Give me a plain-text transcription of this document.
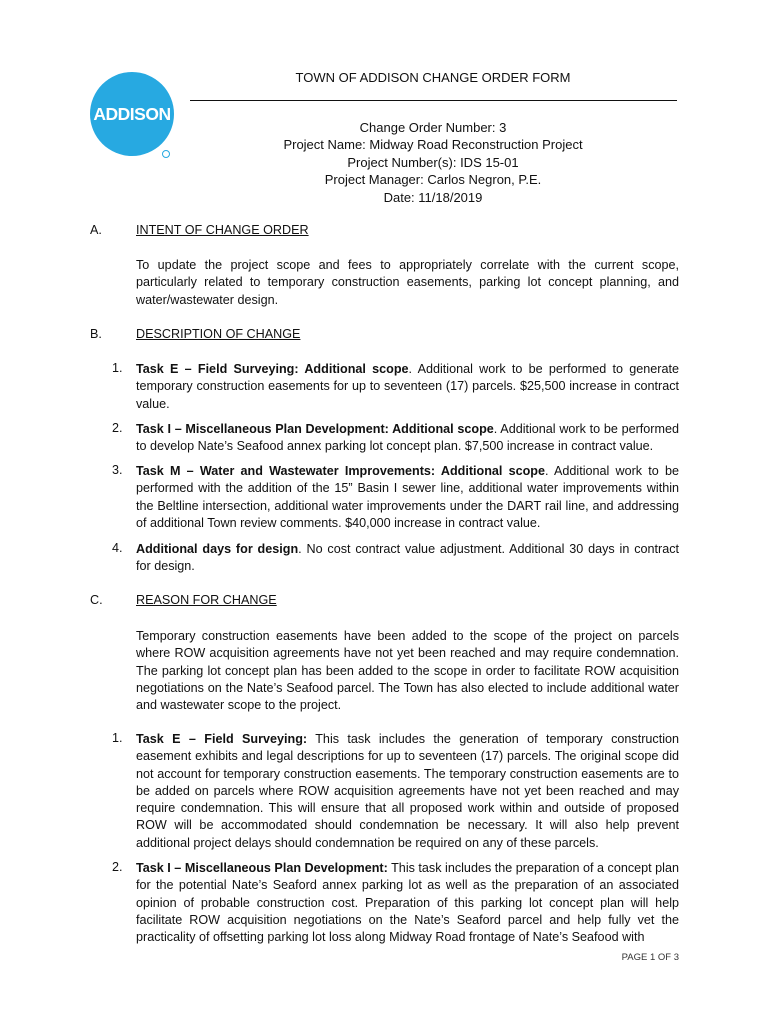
ADDISON
TOWN OF ADDISON CHANGE ORDER FORM
Change Order Number: 3
Project Name: Midway Road Reconstruction Project
Project Number(s): IDS 15-01
Project Manager: Carlos Negron, P.E.
Date: 11/18/2019
A.	INTENT OF CHANGE ORDER

To update the project scope and fees to appropriately correlate with the current scope, particularly related to temporary construction easements, parking lot concept planning, and water/wastewater design.

B.	DESCRIPTION OF CHANGE
1. Task E – Field Surveying: Additional scope. Additional work to be performed to generate temporary construction easements for up to seventeen (17) parcels. $25,500 increase in contract value.
2. Task I – Miscellaneous Plan Development: Additional scope. Additional work to be performed to develop Nate’s Seafood annex parking lot concept plan. $7,500 increase in contract value.
3. Task M – Water and Wastewater Improvements: Additional scope. Additional work to be performed with the addition of the 15” Basin I sewer line, additional water improvements within the Beltline intersection, additional water improvements under the DART rail line, and addressing of additional Town review comments. $40,000 increase in contract value.
4. Additional days for design. No cost contract value adjustment. Additional 30 days in contract for design.
C.	REASON FOR CHANGE

Temporary construction easements have been added to the scope of the project on parcels where ROW acquisition agreements have not yet been reached and may require condemnation. The parking lot concept plan has been added to the scope in order to facilitate ROW acquisition negotiations on the Nate’s Seafood parcel. The Town has also elected to include additional water and wastewater scope to the project.

1. Task E – Field Surveying: This task includes the generation of temporary construction easement exhibits and legal descriptions for up to seventeen (17) parcels. The original scope did not account for temporary construction easements. The temporary construction easements are to be added on parcels where ROW acquisition agreements have not yet been reached and may require condemnation. This will ensure that all proposed work within and outside of proposed ROW will be accommodated should condemnation be necessary. It will also help prevent additional project delays should condemnation be required on any of these parcels.
2. Task I – Miscellaneous Plan Development: This task includes the preparation of a concept plan for the potential Nate’s Seaford annex parking lot as well as the preparation of an associated opinion of probable construction cost. Preparation of this parking lot concept plan will help facilitate ROW acquisition negotiations on the Nate’s Seaford parcel and help fully vet the practicality of offsetting parking lot loss along Midway Road frontage of Nate’s Seafood with
PAGE 1 OF 3
